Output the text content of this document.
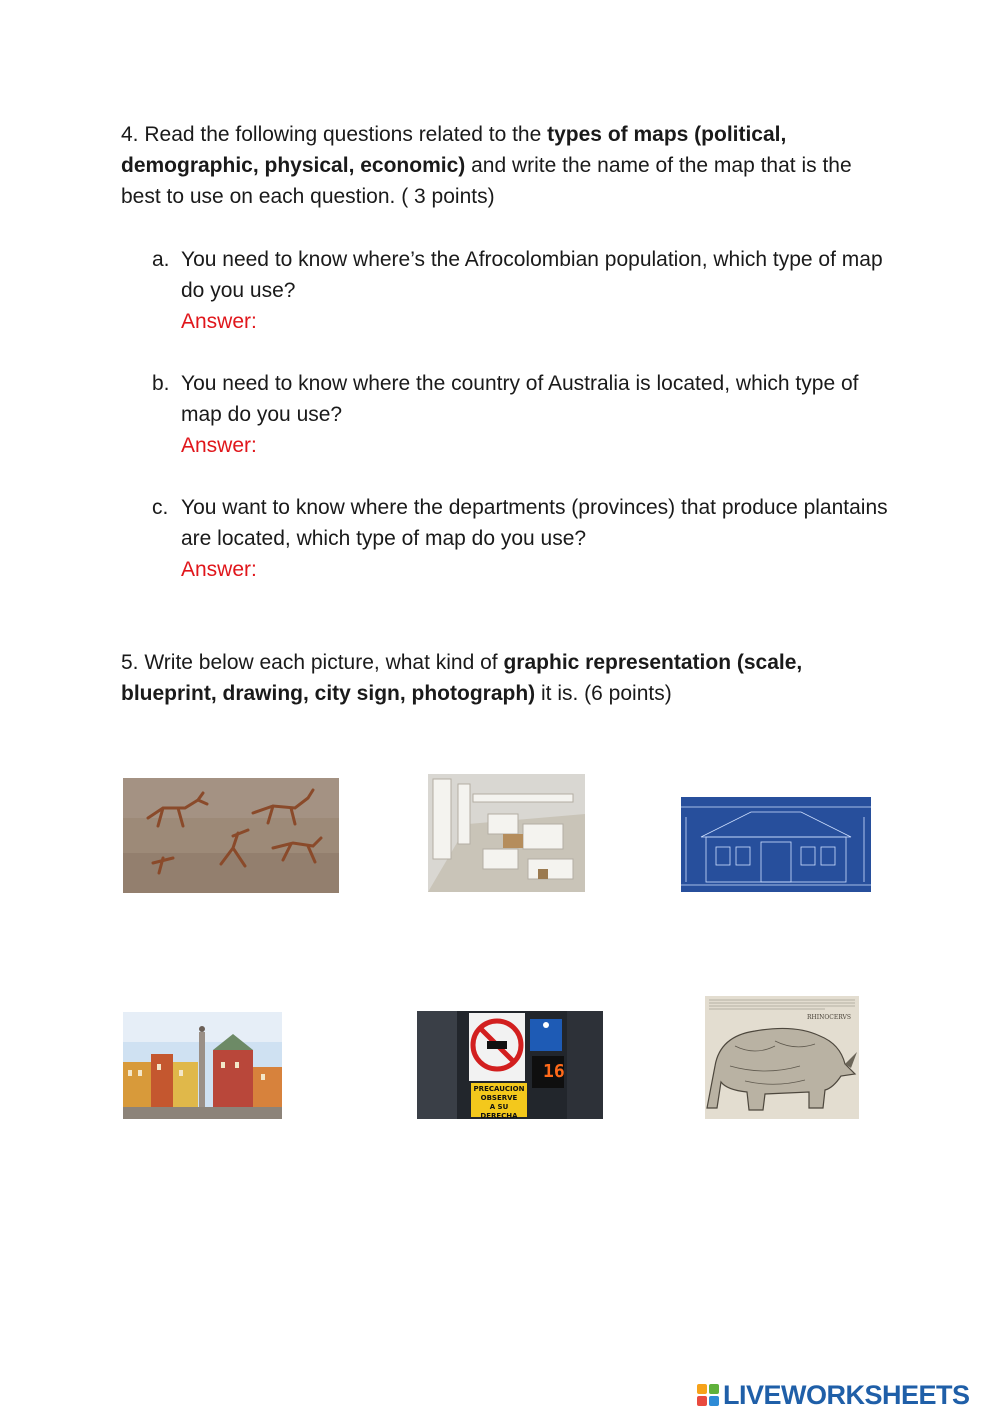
4. Read the following questions related to the types of maps (political, demographic, physical, economic) and write the name of the map that is the best to use on each question. ( 3 points)

a. You need to know where’s the Afrocolombian population, which type of map do you use?
Answer:
b. You need to know where the country of Australia is located, which type of map do you use?
Answer:
c. You want to know where the departments (provinces) that produce plantains are located, which type of map do you use?
Answer:

5. Write below each picture, what kind of graphic representation (scale, blueprint, drawing, city sign, photograph) it is. (6 points)

PRECAUCION
OBSERVE
A SU DERECHA
16
RHINOCERVS
LIVEWORKSHEETS
